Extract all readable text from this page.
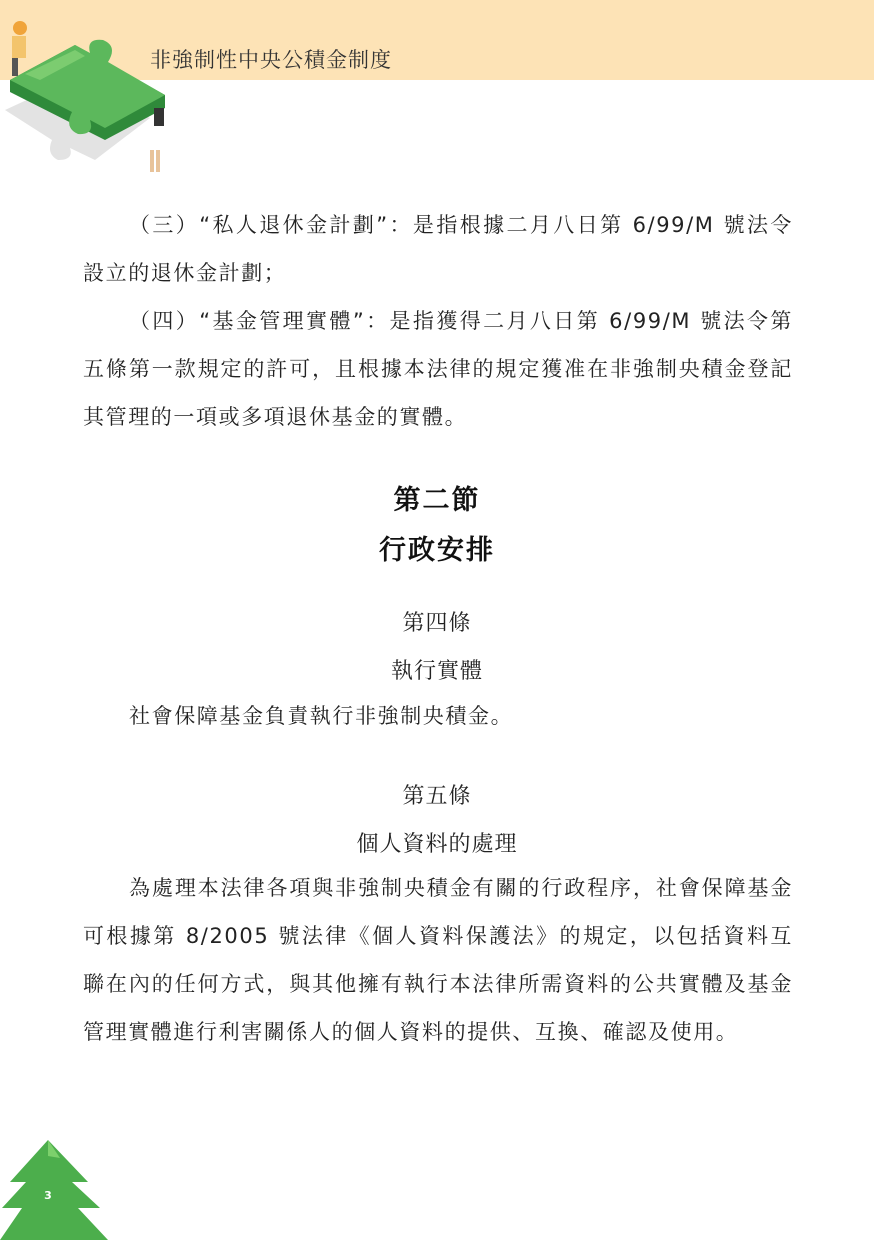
非強制性中央公積金制度

（三）“私人退休金計劃”：是指根據二月八日第 6/99/M 號法令設立的退休金計劃；

（四）“基金管理實體”：是指獲得二月八日第 6/99/M 號法令第五條第一款規定的許可，且根據本法律的規定獲准在非強制央積金登記其管理的一項或多項退休基金的實體。

第二節
行政安排
第四條
執行實體

社會保障基金負責執行非強制央積金。

第五條
個人資料的處理

為處理本法律各項與非強制央積金有關的行政程序，社會保障基金可根據第 8/2005 號法律《個人資料保護法》的規定，以包括資料互聯在內的任何方式，與其他擁有執行本法律所需資料的公共實體及基金管理實體進行利害關係人的個人資料的提供、互換、確認及使用。

3
